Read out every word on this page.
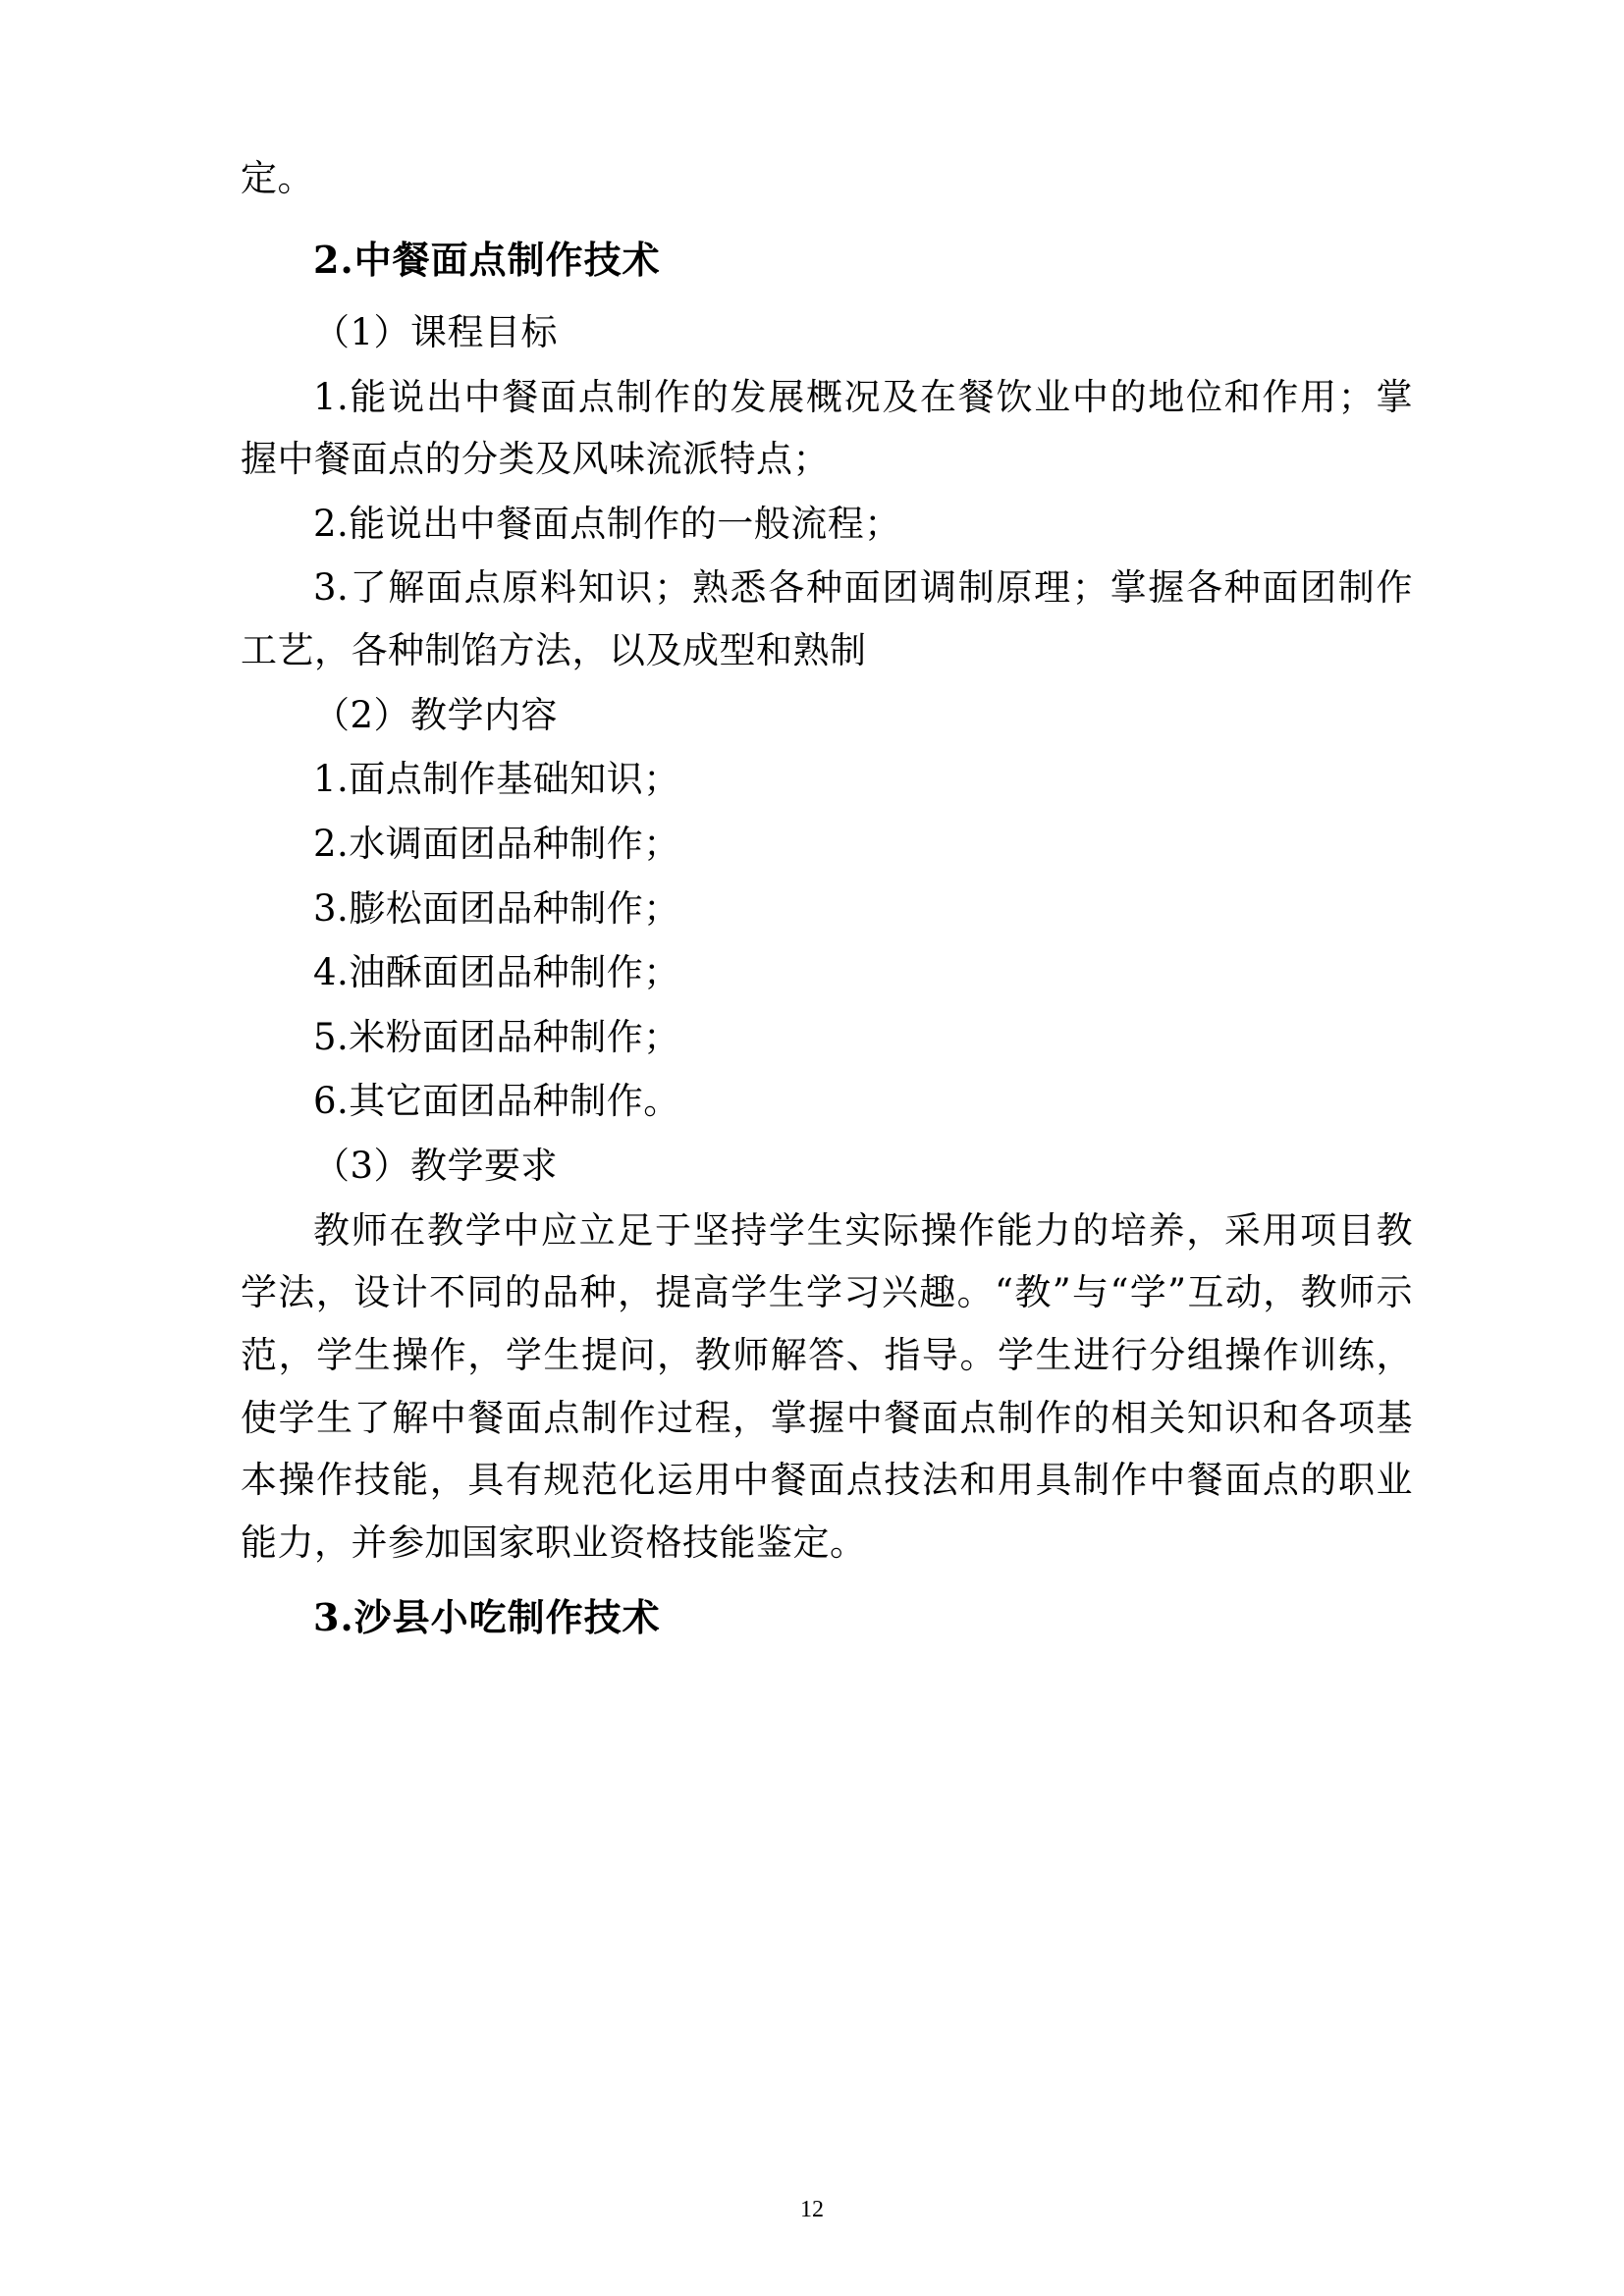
定。

2.中餐面点制作技术

（1）课程目标

1.能说出中餐面点制作的发展概况及在餐饮业中的地位和作用；掌握中餐面点的分类及风味流派特点；

2.能说出中餐面点制作的一般流程；

3.了解面点原料知识；熟悉各种面团调制原理；掌握各种面团制作工艺，各种制馅方法，以及成型和熟制

（2）教学内容

1.面点制作基础知识；

2.水调面团品种制作；

3.膨松面团品种制作；

4.油酥面团品种制作；

5.米粉面团品种制作；

6.其它面团品种制作。

（3）教学要求

教师在教学中应立足于坚持学生实际操作能力的培养，采用项目教学法，设计不同的品种，提高学生学习兴趣。“教”与“学”互动，教师示范，学生操作，学生提问，教师解答、指导。学生进行分组操作训练，使学生了解中餐面点制作过程，掌握中餐面点制作的相关知识和各项基本操作技能，具有规范化运用中餐面点技法和用具制作中餐面点的职业能力，并参加国家职业资格技能鉴定。

3.沙县小吃制作技术

12
